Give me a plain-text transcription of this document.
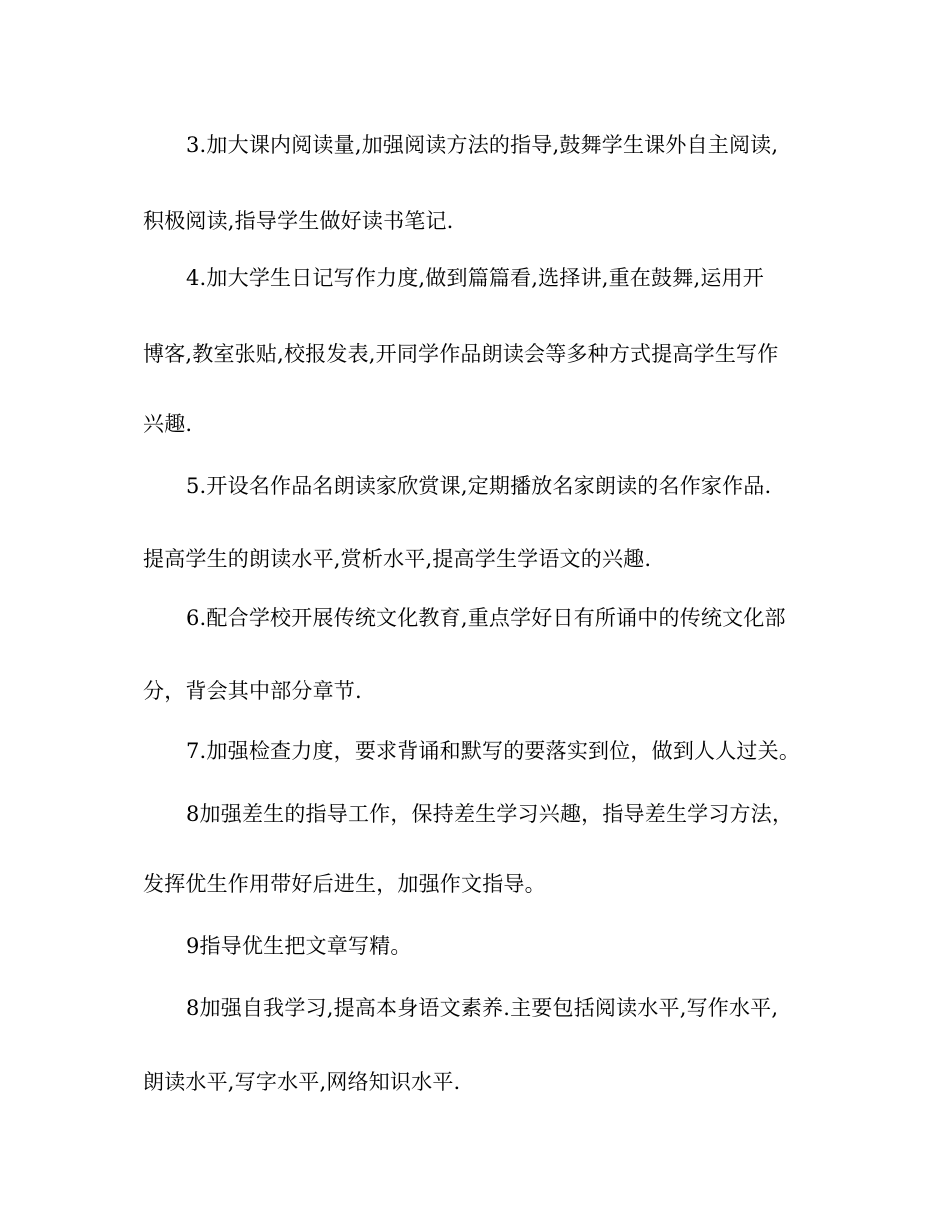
3.加大课内阅读量,加强阅读方法的指导,鼓舞学生课外自主阅读,
积极阅读,指导学生做好读书笔记.
4.加大学生日记写作力度,做到篇篇看,选择讲,重在鼓舞,运用开
博客,教室张贴,校报发表,开同学作品朗读会等多种方式提高学生写作
兴趣.
5.开设名作品名朗读家欣赏课,定期播放名家朗读的名作家作品.
提高学生的朗读水平,赏析水平,提高学生学语文的兴趣.
6.配合学校开展传统文化教育,重点学好日有所诵中的传统文化部
分，背会其中部分章节.
7.加强检查力度，要求背诵和默写的要落实到位，做到人人过关。
8加强差生的指导工作，保持差生学习兴趣，指导差生学习方法，
发挥优生作用带好后进生，加强作文指导。
9指导优生把文章写精。
8加强自我学习,提高本身语文素养.主要包括阅读水平,写作水平,
朗读水平,写字水平,网络知识水平.
